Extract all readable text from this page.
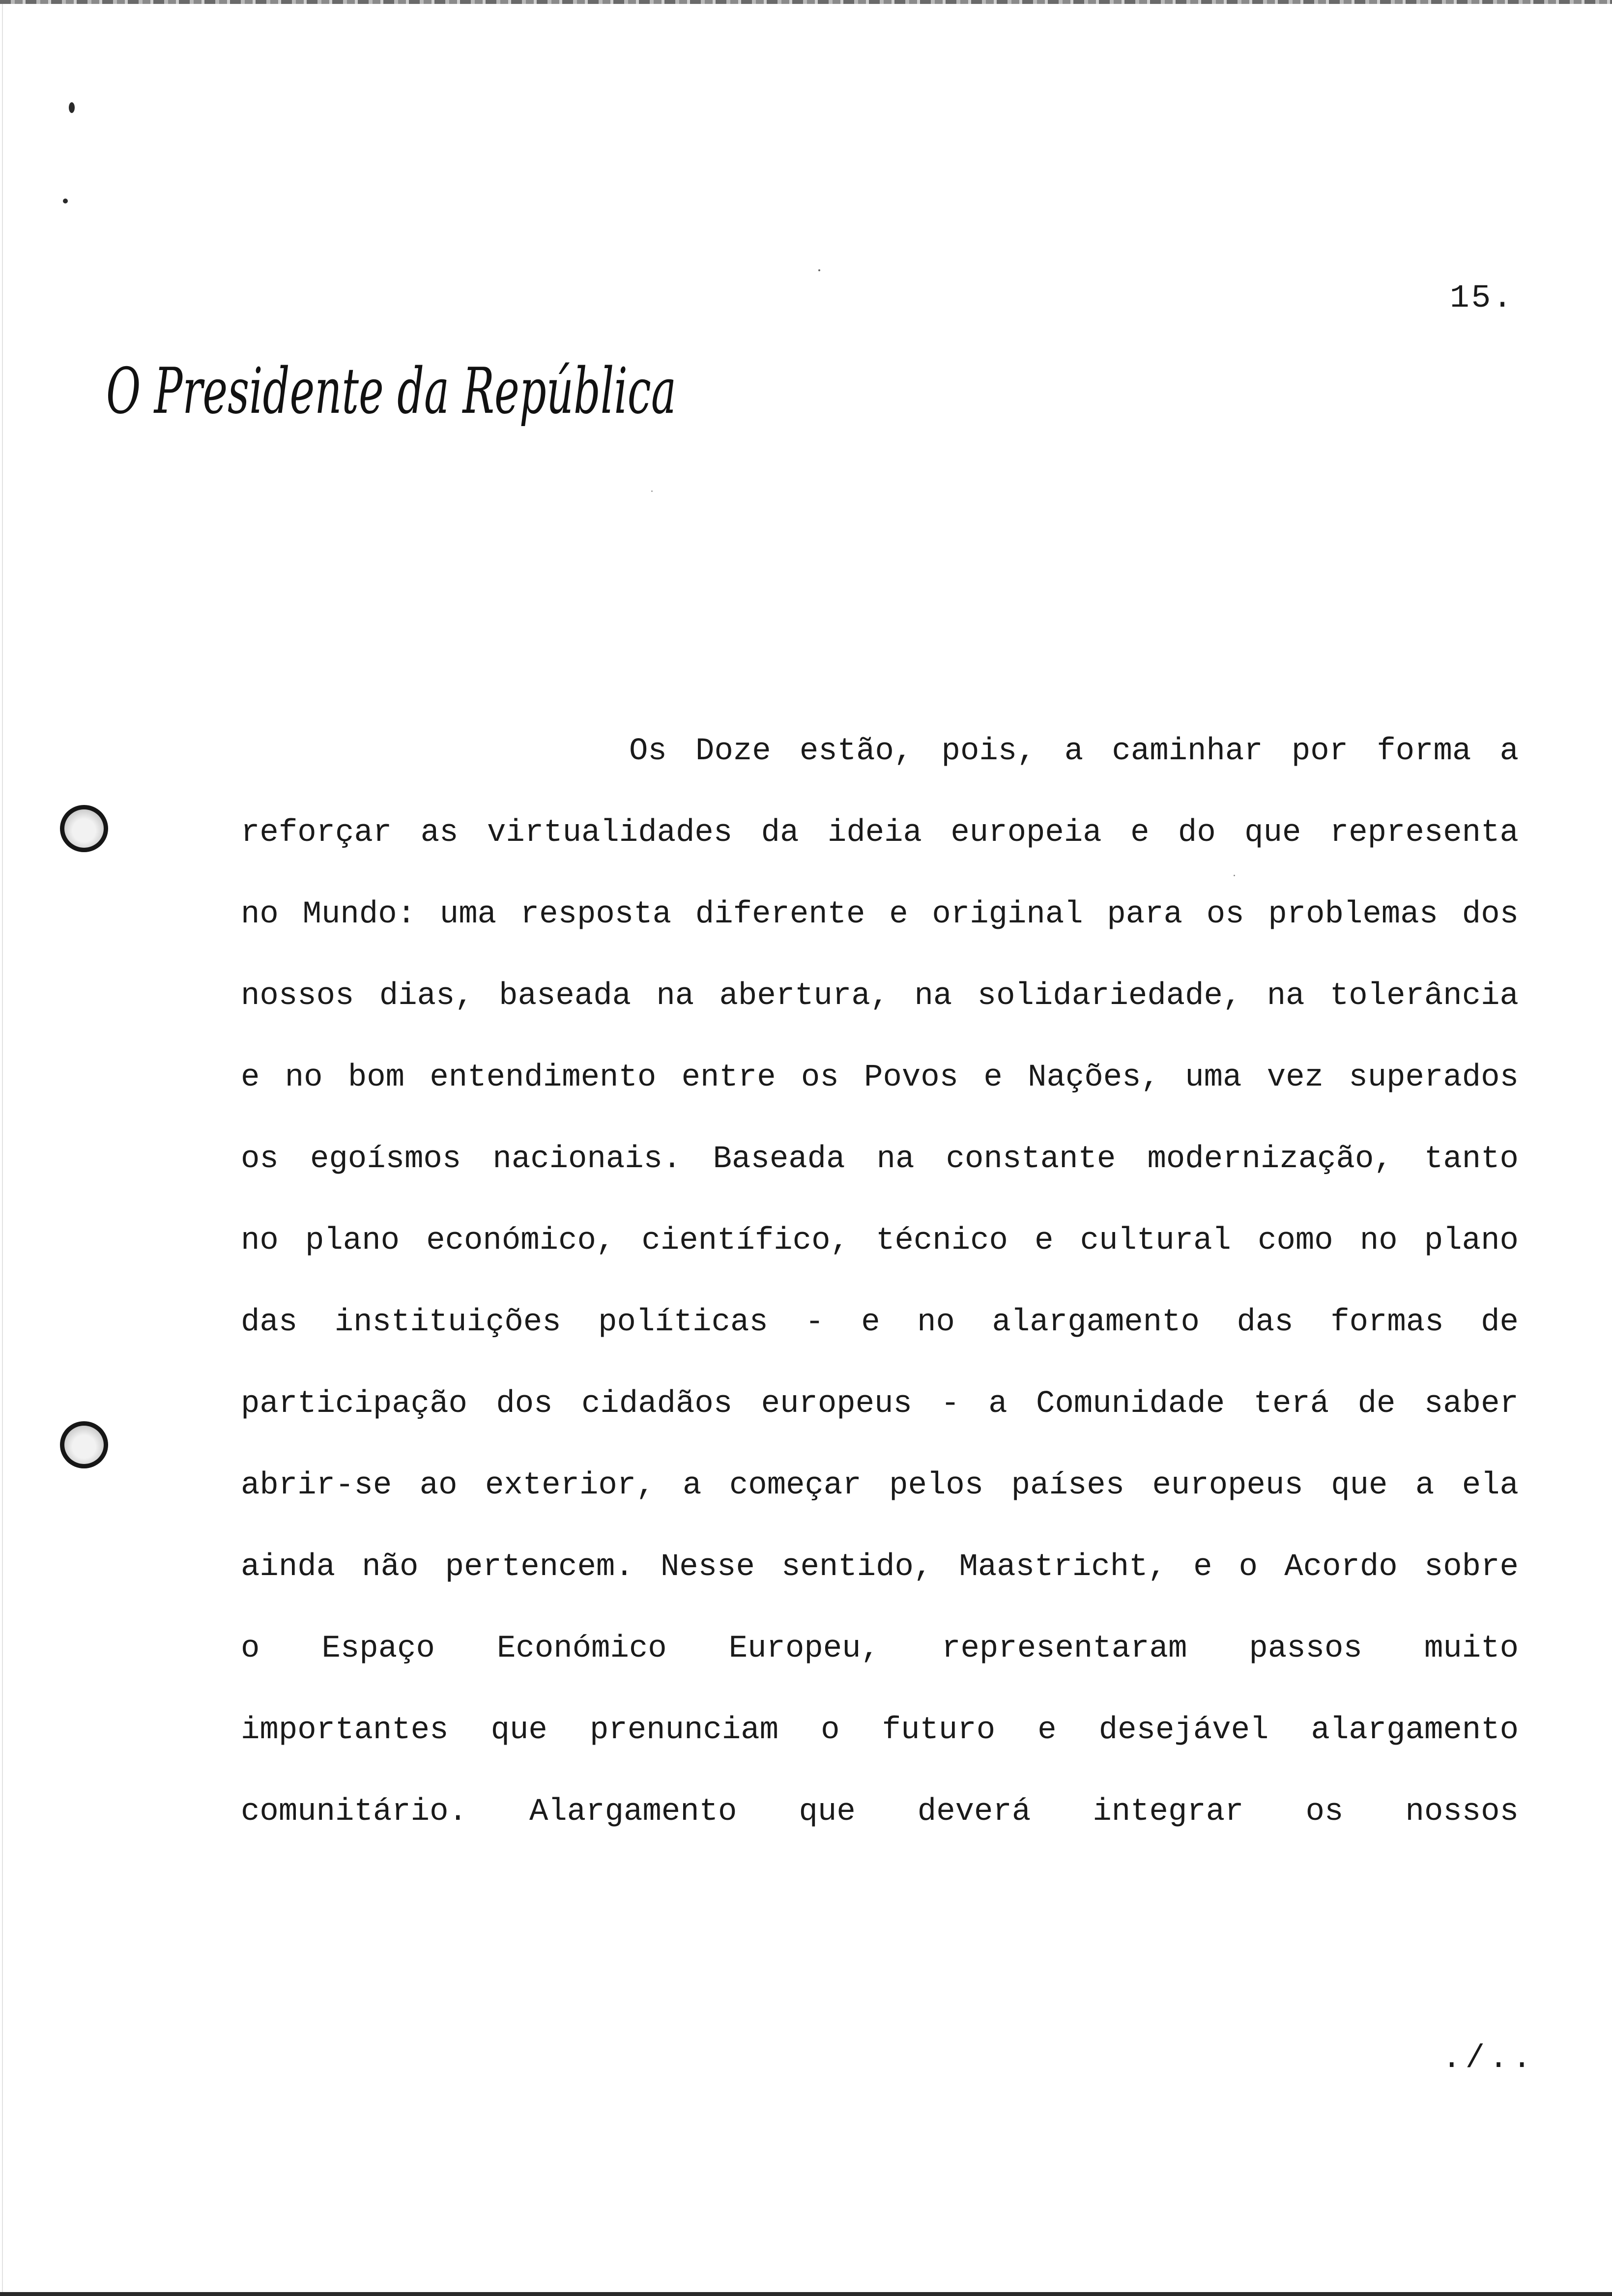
15.
O Presidente da República
Os Doze estão, pois, a caminhar por forma a
reforçar as virtualidades da ideia europeia e do que representa
no Mundo: uma resposta diferente e original para os problemas dos
nossos dias, baseada na abertura, na solidariedade, na tolerância
e no bom entendimento entre os Povos e Nações, uma vez superados
os egoísmos nacionais. Baseada na constante modernização, tanto
no plano económico, científico, técnico e cultural como no plano
das instituições políticas - e no alargamento das formas de
participação dos cidadãos europeus - a Comunidade terá de saber
abrir-se ao exterior, a começar pelos países europeus que a ela
ainda não pertencem. Nesse sentido, Maastricht, e o Acordo sobre
o Espaço Económico Europeu, representaram passos muito
importantes que prenunciam o futuro e desejável alargamento
comunitário. Alargamento que deverá integrar os nossos
./..
